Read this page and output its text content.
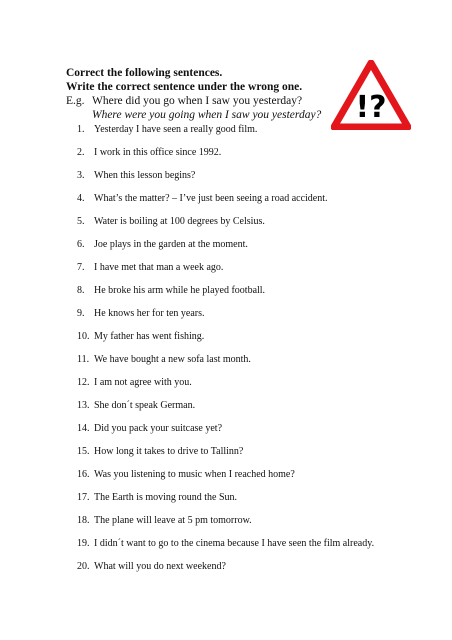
Correct the following sentences.
Write the correct sentence under the wrong one.
E.g. Where did you go when I saw you yesterday?
Where were you going when I saw you yesterday?	!?
1. Yesterday I have seen a really good film.
2. I work in this office since 1992.
3. When this lesson begins?
4. What’s the matter? – I’ve just been seeing a road accident.
5. Water is boiling at 100 degrees by Celsius.
6. Joe plays in the garden at the moment.
7. I have met that man a week ago.
8. He broke his arm while he played football.
9. He knows her for ten years.
10. My father has went fishing.
11. We have bought a new sofa last month.
12. I am not agree with you.
13. She don´t speak German.
14. Did you pack your suitcase yet?
15. How long it takes to drive to Tallinn?
16. Was you listening to music when I reached home?
17. The Earth is moving round the Sun.
18. The plane will leave at 5 pm tomorrow.
19. I didn´t want to go to the cinema because I have seen the film already.
20. What will you do next weekend?
